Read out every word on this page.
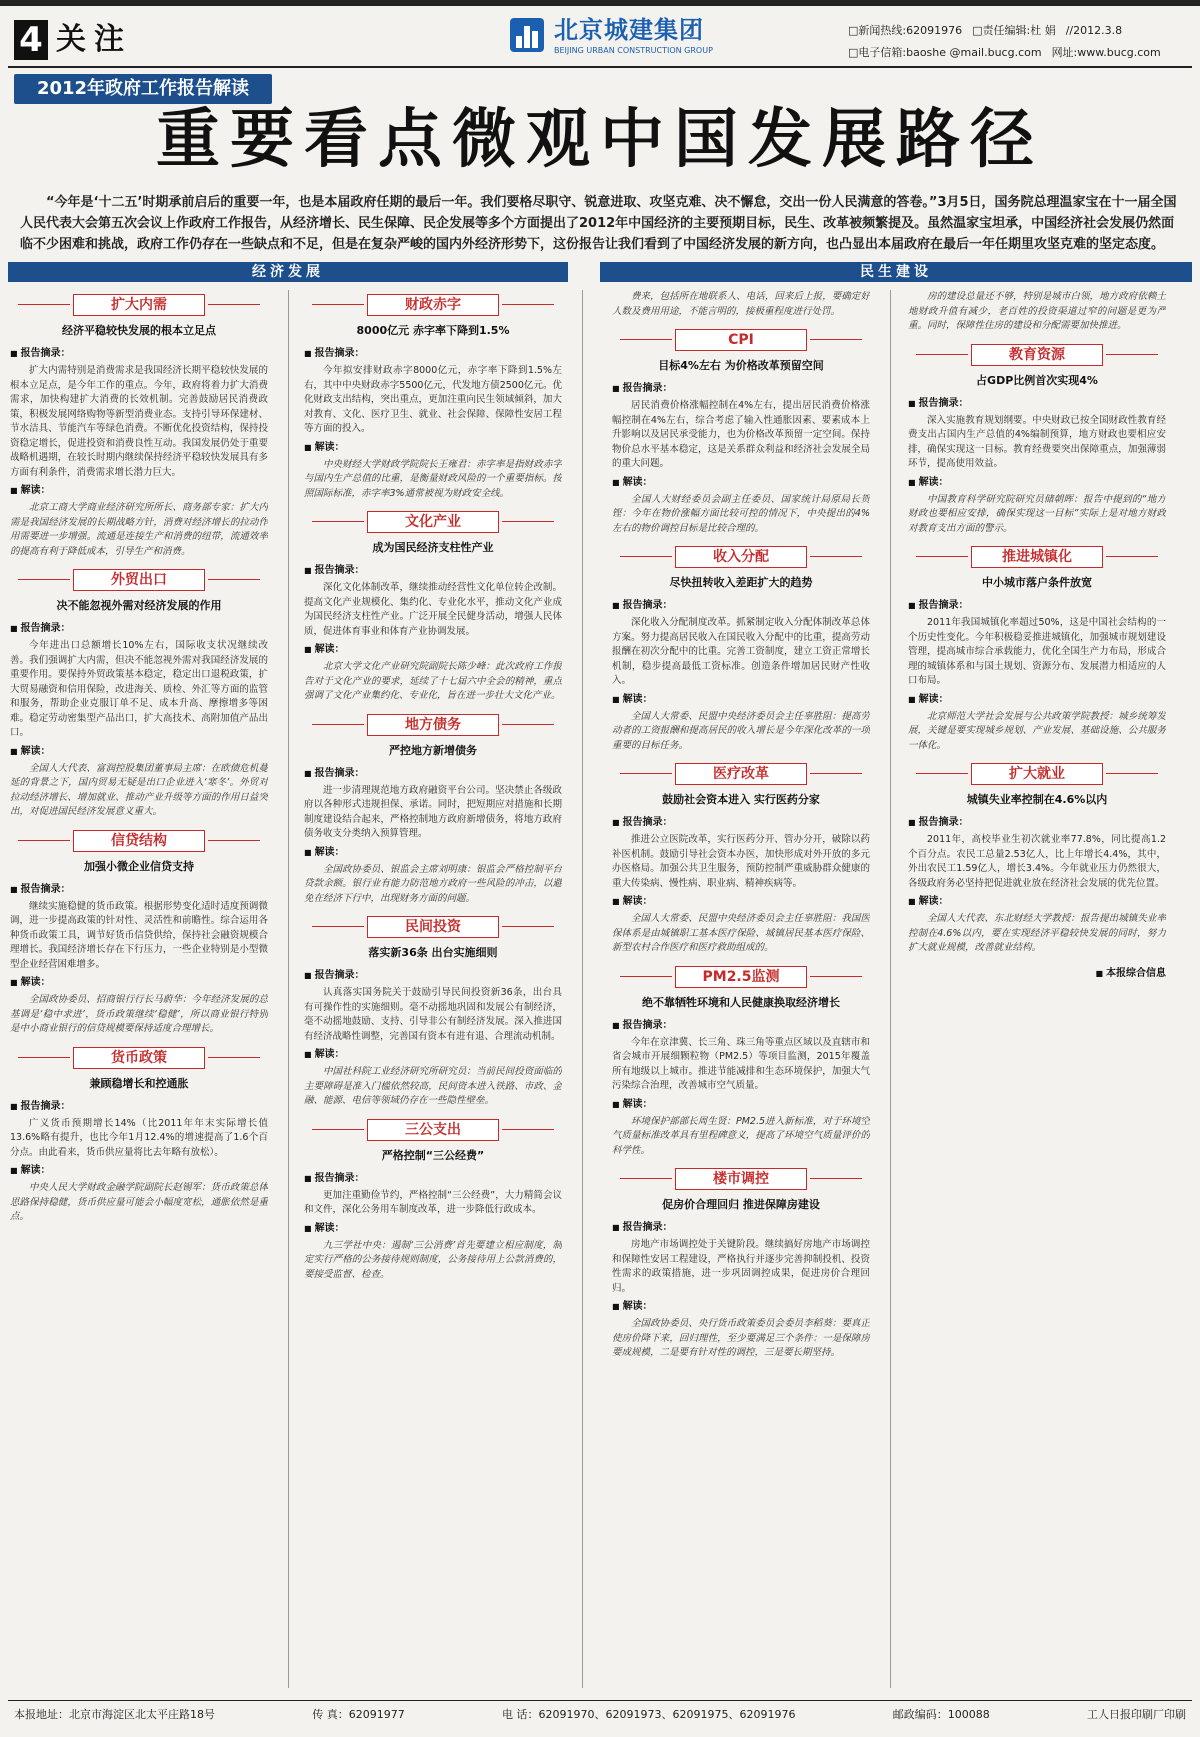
4 关注	北京城建集团
BEIJING URBAN CONSTRUCTION GROUP
□新闻热线:62091976 □责任编辑:杜 娟 //2012.3.8
□电子信箱:baoshe @mail.bucg.com 网址:www.bucg.com
2012年政府工作报告解读
重要看点微观中国发展路径
“今年是‘十二五’时期承前启后的重要一年，也是本届政府任期的最后一年。我们要格尽职守、锐意进取、攻坚克难、决不懈怠，交出一份人民满意的答卷。”3月5日，国务院总理温家宝在十一届全国人民代表大会第五次会议上作政府工作报告，从经济增长、民生保障、民企发展等多个方面提出了2012年中国经济的主要预期目标，民生、改革被频繁提及。虽然温家宝坦承，中国经济社会发展仍然面临不少困难和挑战，政府工作仍存在一些缺点和不足，但是在复杂严峻的国内外经济形势下，这份报告让我们看到了中国经济发展的新方向，也凸显出本届政府在最后一年任期里攻坚克难的坚定态度。
经济发展	民生建设
扩大内需
经济平稳较快发展的根本立足点
■ 报告摘录：

扩大内需特别是消费需求是我国经济长期平稳较快发展的根本立足点，是今年工作的重点。今年，政府将着力扩大消费需求，加快构建扩大消费的长效机制。完善鼓励居民消费政策，积极发展网络购物等新型消费业态。支持引导环保建材、节水洁具、节能汽车等绿色消费。不断优化投资结构，保持投资稳定增长，促进投资和消费良性互动。我国发展仍处于重要战略机遇期，在较长时期内继续保持经济平稳较快发展具有多方面有利条件，消费需求增长潜力巨大。

■ 解读：

北京工商大学商业经济研究所所长、商务部专家：扩大内需是我国经济发展的长期战略方针，消费对经济增长的拉动作用需要进一步增强。流通是连接生产和消费的纽带，流通效率的提高有利于降低成本，引导生产和消费。

外贸出口
决不能忽视外需对经济发展的作用
■ 报告摘录：

今年进出口总额增长10%左右，国际收支状况继续改善。我们强调扩大内需，但决不能忽视外需对我国经济发展的重要作用。要保持外贸政策基本稳定，稳定出口退税政策，扩大贸易融资和信用保险，改进海关、质检、外汇等方面的监管和服务，帮助企业克服订单不足、成本升高、摩擦增多等困难。稳定劳动密集型产品出口，扩大高技术、高附加值产品出口。

■ 解读：

全国人大代表、富润控股集团董事局主席：在欧债危机蔓延的背景之下，国内贸易无疑是出口企业进入‘寒冬’。外贸对拉动经济增长、增加就业、推动产业升级等方面的作用日益突出，对促进国民经济发展意义重大。

信贷结构
加强小微企业信贷支持
■ 报告摘录：

继续实施稳健的货币政策。根据形势变化适时适度预调微调，进一步提高政策的针对性、灵活性和前瞻性。综合运用各种货币政策工具，调节好货币信贷供给，保持社会融资规模合理增长。我国经济增长存在下行压力，一些企业特别是小型微型企业经营困难增多。

■ 解读：

全国政协委员、招商银行行长马蔚华：今年经济发展的总基调是‘稳中求进’，货币政策继续‘稳健’，所以商业银行特别是中小商业银行的信贷规模要保持适度合理增长。

货币政策
兼顾稳增长和控通胀
■ 报告摘录：

广义货币预期增长14%（比2011年年末实际增长值13.6%略有提升，也比今年1月12.4%的增速提高了1.6个百分点。由此看来，货币供应量将比去年略有放松）。

■ 解读：

中央人民大学财政金融学院副院长赵锡军：货币政策总体思路保持稳健，货币供应量可能会小幅度宽松，通胀依然是重点。

财政赤字
8000亿元 赤字率下降到1.5%
■ 报告摘录：

今年拟安排财政赤字8000亿元，赤字率下降到1.5%左右，其中中央财政赤字5500亿元，代发地方债2500亿元。优化财政支出结构，突出重点，更加注重向民生领域倾斜，加大对教育、文化、医疗卫生、就业、社会保障、保障性安居工程等方面的投入。

■ 解读：

中央财经大学财政学院院长王雍君：赤字率是指财政赤字与国内生产总值的比重，是衡量财政风险的一个重要指标。按照国际标准，赤字率3%通常被视为财政安全线。

文化产业
成为国民经济支柱性产业
■ 报告摘录：

深化文化体制改革，继续推动经营性文化单位转企改制。提高文化产业规模化、集约化、专业化水平，推动文化产业成为国民经济支柱性产业。广泛开展全民健身活动，增强人民体质，促进体育事业和体育产业协调发展。

■ 解读：

北京大学文化产业研究院副院长陈少峰：此次政府工作报告对于文化产业的要求，延续了十七届六中全会的精神，重点强调了文化产业集约化、专业化，旨在进一步壮大文化产业。

地方债务
严控地方新增债务
■ 报告摘录：

进一步清理规范地方政府融资平台公司。坚决禁止各级政府以各种形式违规担保、承诺。同时，把短期应对措施和长期制度建设结合起来，严格控制地方政府新增债务，将地方政府债务收支分类纳入预算管理。

■ 解读：

全国政协委员、银监会主席刘明康：银监会严格控制平台贷款余额。银行业有能力防范地方政府一些风险的冲击，以避免在经济下行中，出现财务方面的问题。

民间投资
落实新36条 出台实施细则
■ 报告摘录：

认真落实国务院关于鼓励引导民间投资新36条，出台具有可操作性的实施细则。毫不动摇地巩固和发展公有制经济，毫不动摇地鼓励、支持、引导非公有制经济发展。深入推进国有经济战略性调整，完善国有资本有进有退、合理流动机制。

■ 解读：

中国社科院工业经济研究所研究员：当前民间投资面临的主要障碍是准入门槛依然较高，民间资本进入铁路、市政、金融、能源、电信等领域仍存在一些隐性壁垒。

三公支出
严格控制“三公经费”
■ 报告摘录：

更加注重勤俭节约，严格控制“三公经费”，大力精简会议和文件，深化公务用车制度改革，进一步降低行政成本。

■ 解读：

九三学社中央：遏制‘三公消费’首先要建立相应制度，制定实行严格的公务接待规则制度，公务接待用上公款消费的，要接受监督、检查。

费来，包括所在地联系人、电话，回来后上报，要确定好人数及费用用途，不能言明的，接极重程度进行处罚。

CPI
目标4%左右 为价格改革预留空间
■ 报告摘录：

居民消费价格涨幅控制在4%左右，提出居民消费价格涨幅控制在4%左右，综合考虑了输入性通胀因素、要素成本上升影响以及居民承受能力，也为价格改革预留一定空间。保持物价总水平基本稳定，这是关系群众利益和经济社会发展全局的重大问题。

■ 解读：

全国人大财经委员会副主任委员、国家统计局原局长贺铿：今年在物价涨幅方面比较可控的情况下，中央提出的4%左右的物价调控目标是比较合理的。

收入分配
尽快扭转收入差距扩大的趋势
■ 报告摘录：

深化收入分配制度改革。抓紧制定收入分配体制改革总体方案。努力提高居民收入在国民收入分配中的比重，提高劳动报酬在初次分配中的比重。完善工资制度，建立工资正常增长机制，稳步提高最低工资标准。创造条件增加居民财产性收入。

■ 解读：

全国人大常委、民盟中央经济委员会主任辜胜阻：提高劳动者的工资报酬和提高居民的收入增长是今年深化改革的一项重要的目标任务。

医疗改革
鼓励社会资本进入 实行医药分家
■ 报告摘录：

推进公立医院改革，实行医药分开、管办分开，破除以药补医机制。鼓励引导社会资本办医，加快形成对外开放的多元办医格局。加强公共卫生服务，预防控制严重威胁群众健康的重大传染病、慢性病、职业病、精神疾病等。

■ 解读：

全国人大常委、民盟中央经济委员会主任辜胜阻：我国医保体系是由城镇职工基本医疗保险、城镇居民基本医疗保险、新型农村合作医疗和医疗救助组成的。

PM2.5监测
绝不靠牺牲环境和人民健康换取经济增长
■ 报告摘录：

今年在京津冀、长三角、珠三角等重点区域以及直辖市和省会城市开展细颗粒物（PM2.5）等项目监测，2015年覆盖所有地级以上城市。推进节能减排和生态环境保护，加强大气污染综合治理，改善城市空气质量。

■ 解读：

环境保护部部长周生贤：PM2.5进入新标准，对于环境空气质量标准改革具有里程碑意义，提高了环境空气质量评价的科学性。

楼市调控
促房价合理回归 推进保障房建设
■ 报告摘录：

房地产市场调控处于关键阶段。继续搞好房地产市场调控和保障性安居工程建设，严格执行并逐步完善抑制投机、投资性需求的政策措施，进一步巩固调控成果，促进房价合理回归。

■ 解读：

全国政协委员、央行货币政策委员会委员李稻葵：要真正使房价降下来，回归理性，至少要满足三个条件：一是保障房要成规模，二是要有针对性的调控，三是要长期坚持。

房的建设总量还不够，特别是城市白领，地方政府依赖土地财政升值有减少，老百姓的投资渠道过窄的问题是更为严重。同时，保障性住房的建设和分配需要加快推进。

教育资源
占GDP比例首次实现4%
■ 报告摘录：

深入实施教育规划纲要。中央财政已按全国财政性教育经费支出占国内生产总值的4%编制预算，地方财政也要相应安排，确保实现这一目标。教育经费要突出保障重点，加强薄弱环节，提高使用效益。

■ 解读：

中国教育科学研究院研究员储朝晖：报告中提到的“地方财政也要相应安排，确保实现这一目标”实际上是对地方财政对教育支出方面的警示。

推进城镇化
中小城市落户条件放宽
■ 报告摘录：

2011年我国城镇化率超过50%，这是中国社会结构的一个历史性变化。今年积极稳妥推进城镇化，加强城市规划建设管理，提高城市综合承载能力，优化全国生产力布局，形成合理的城镇体系和与国土规划、资源分布、发展潜力相适应的人口布局。

■ 解读：

北京师范大学社会发展与公共政策学院教授：城乡统筹发展，关键是要实现城乡规划、产业发展、基础设施、公共服务一体化。

扩大就业
城镇失业率控制在4.6%以内
■ 报告摘录：

2011年，高校毕业生初次就业率77.8%，同比提高1.2个百分点。农民工总量2.53亿人，比上年增长4.4%，其中，外出农民工1.59亿人，增长3.4%。今年就业压力仍然很大，各级政府务必坚持把促进就业放在经济社会发展的优先位置。

■ 解读：

全国人大代表、东北财经大学教授：报告提出城镇失业率控制在4.6%以内，要在实现经济平稳较快发展的同时，努力扩大就业规模，改善就业结构。

■ 本报综合信息
本报地址：北京市海淀区北太平庄路18号	传 真：62091977	电 话：62091970、62091973、62091975、62091976	邮政编码：100088	工人日报印刷厂印刷
